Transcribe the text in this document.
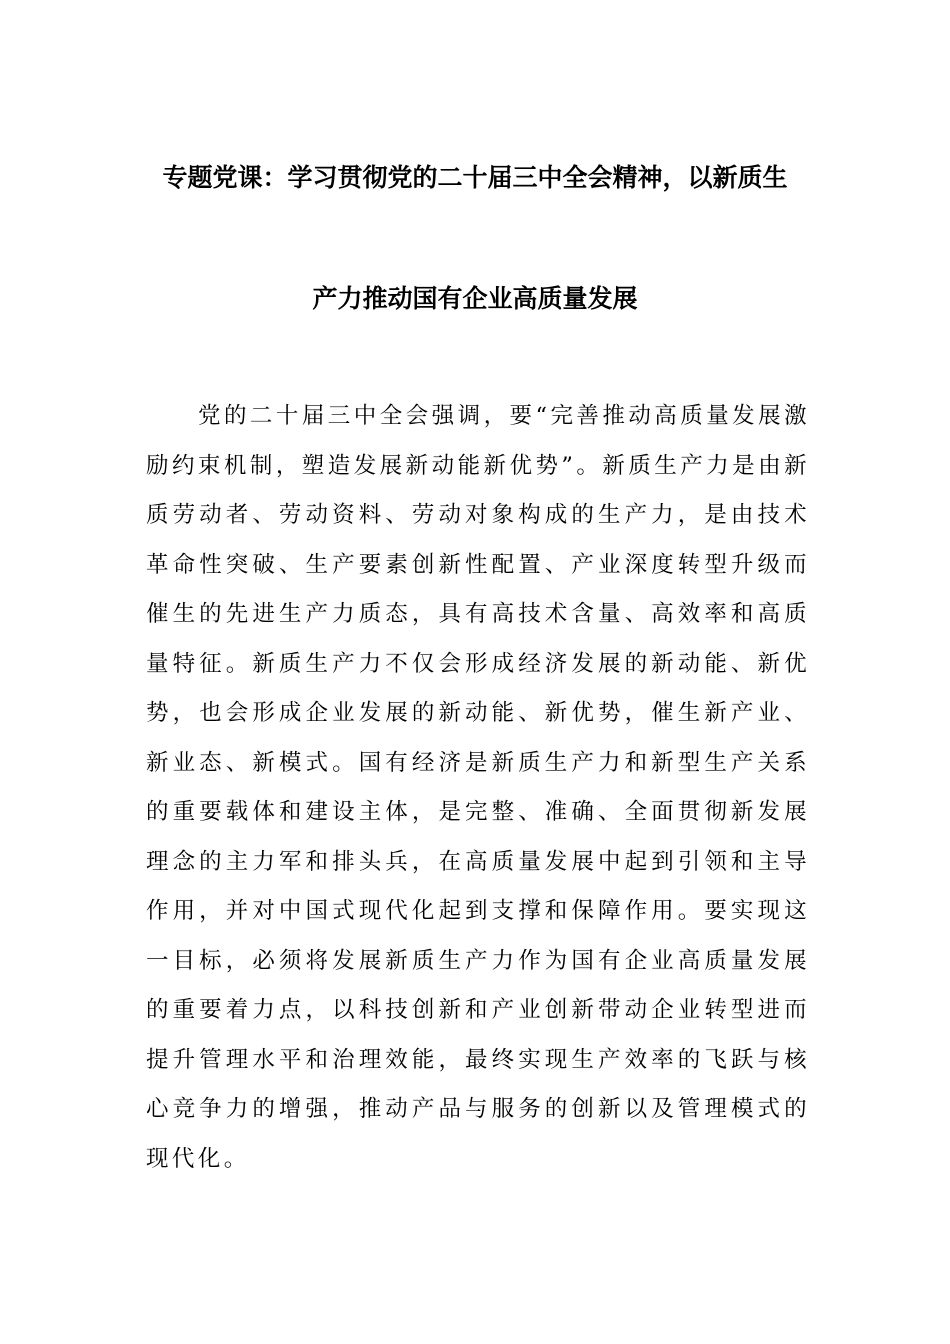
专题党课：学习贯彻党的二十届三中全会精神，以新质生
产力推动国有企业高质量发展

党的二十届三中全会强调，要“完善推动高质量发展激励约束机制，塑造发展新动能新优势”。新质生产力是由新质劳动者、劳动资料、劳动对象构成的生产力，是由技术革命性突破、生产要素创新性配置、产业深度转型升级而催生的先进生产力质态，具有高技术含量、高效率和高质量特征。新质生产力不仅会形成经济发展的新动能、新优势，也会形成企业发展的新动能、新优势，催生新产业、新业态、新模式。国有经济是新质生产力和新型生产关系的重要载体和建设主体，是完整、准确、全面贯彻新发展理念的主力军和排头兵，在高质量发展中起到引领和主导作用，并对中国式现代化起到支撑和保障作用。要实现这一目标，必须将发展新质生产力作为国有企业高质量发展的重要着力点，以科技创新和产业创新带动企业转型进而提升管理水平和治理效能，最终实现生产效率的飞跃与核心竞争力的增强，推动产品与服务的创新以及管理模式的现代化。
